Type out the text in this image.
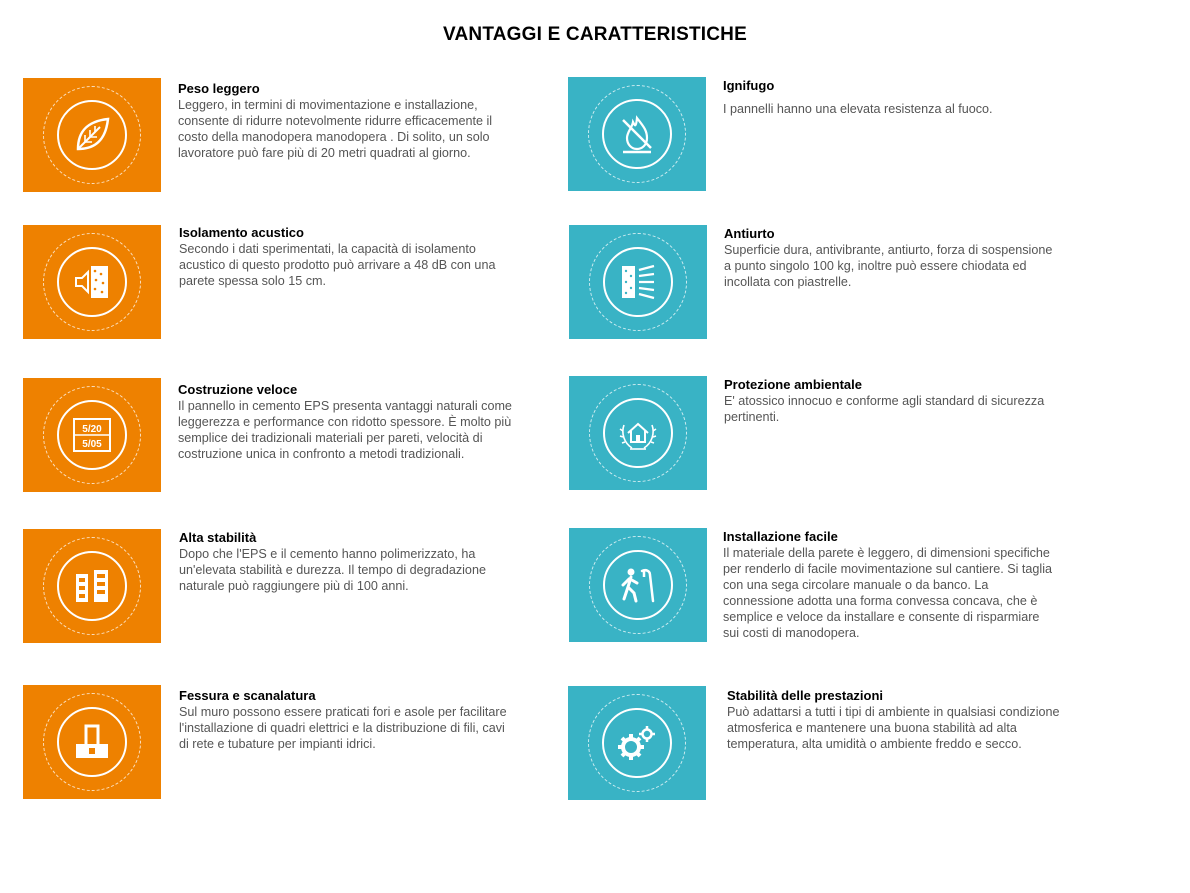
VANTAGGI E CARATTERISTICHE
Peso leggero
Leggero, in termini di movimentazione e installazione, consente di ridurre notevolmente ridurre efficacemente il costo della manodopera manodopera . Di solito, un solo lavoratore può fare più di 20 metri quadrati al giorno.
Isolamento acustico
Secondo i dati sperimentati, la capacità di isolamento acustico di questo prodotto può arrivare a 48 dB con una parete spessa solo 15 cm.
5/20
5/05
Costruzione veloce
Il pannello in cemento EPS presenta vantaggi naturali come leggerezza e performance con ridotto spessore. È molto più semplice dei tradizionali materiali per pareti, velocità di costruzione unica in confronto a metodi tradizionali.
Alta stabilità
Dopo che l'EPS e il cemento hanno polimerizzato, ha un'elevata stabilità e durezza. Il tempo di degradazione naturale può raggiungere più di 100 anni.
Fessura e scanalatura
Sul muro possono essere praticati fori e asole per facilitare l'installazione di quadri elettrici e la distribuzione di fili, cavi di rete e tubature per impianti idrici.
Ignifugo
I pannelli hanno una elevata resistenza al fuoco.
Antiurto
Superficie dura, antivibrante, antiurto, forza di sospensione a punto singolo 100 kg, inoltre può essere chiodata ed incollata con piastrelle.
Protezione ambientale
E' atossico innocuo e conforme agli standard di sicurezza pertinenti.
Installazione facile
Il materiale della parete è leggero, di dimensioni specifiche per renderlo di facile movimentazione sul cantiere. Si taglia con una sega circolare manuale o da banco. La connessione adotta una forma convessa concava, che è semplice e veloce da installare e consente di risparmiare sui costi di manodopera.
Stabilità delle prestazioni
Può adattarsi a tutti i tipi di ambiente in qualsiasi condizione atmosferica e mantenere una buona stabilità ad alta temperatura, alta umidità o ambiente freddo e secco.
